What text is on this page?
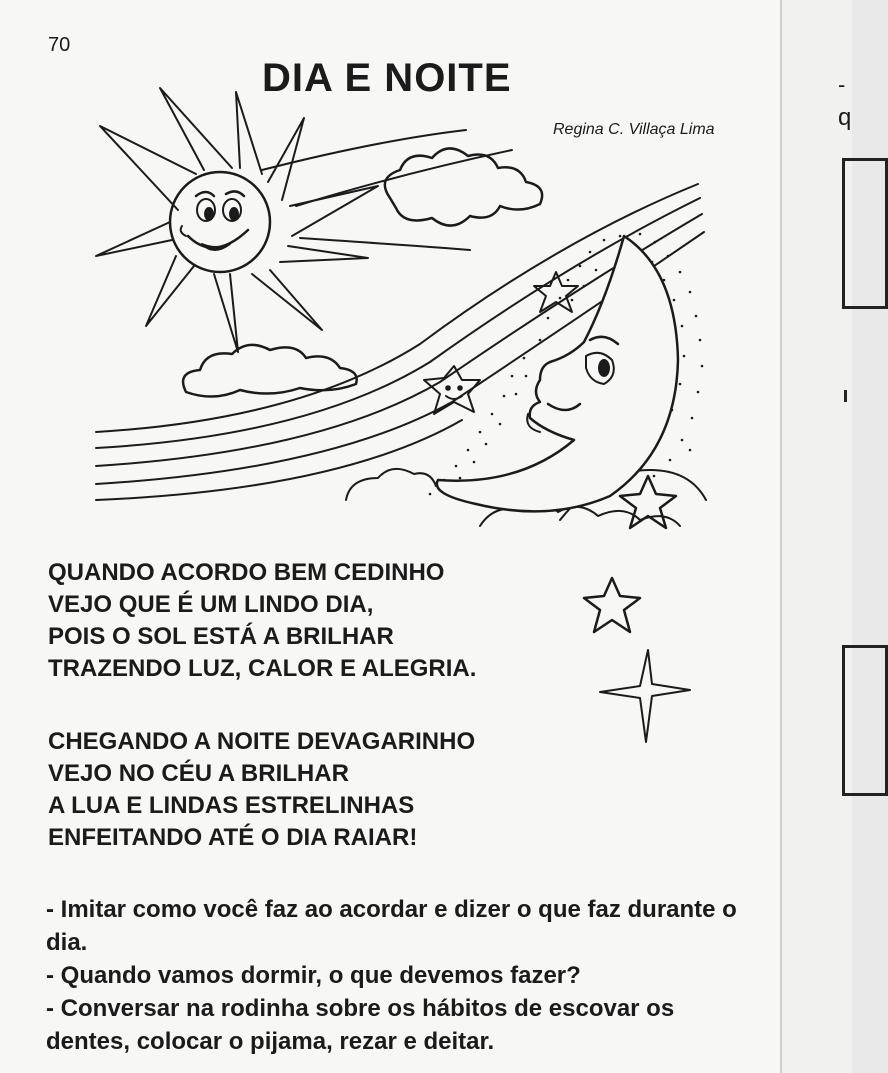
70
DIA E NOITE
Regina C. Villaça Lima
QUANDO ACORDO BEM CEDINHO
VEJO QUE É UM LINDO DIA,
POIS O SOL ESTÁ A BRILHAR
TRAZENDO LUZ, CALOR E ALEGRIA.
CHEGANDO A NOITE DEVAGARINHO
VEJO NO CÉU A BRILHAR
A LUA E LINDAS ESTRELINHAS
ENFEITANDO ATÉ O DIA RAIAR!
- Imitar como você faz ao acordar e dizer o que faz durante o dia.
- Quando vamos dormir, o que devemos fazer?
- Conversar na rodinha sobre os hábitos de escovar os dentes, colocar o pijama, rezar e deitar.
-
q
